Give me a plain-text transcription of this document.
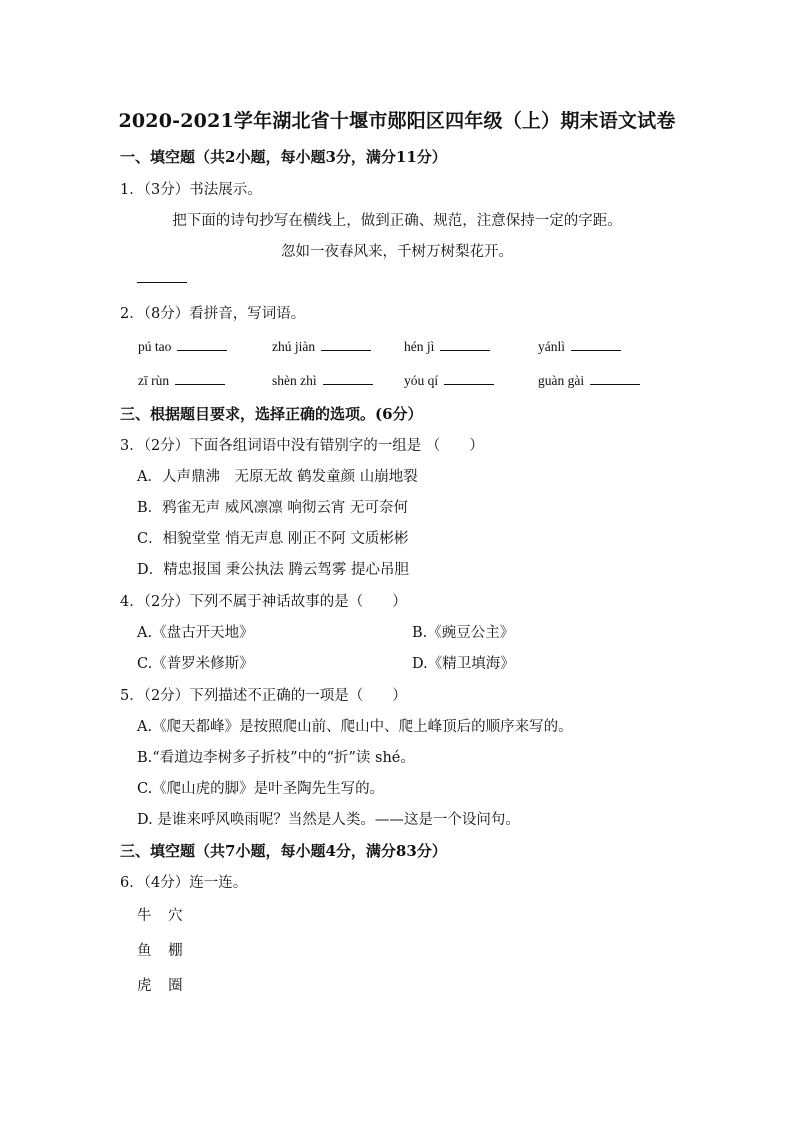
2020-2021学年湖北省十堰市郧阳区四年级（上）期末语文试卷
一、填空题（共2小题，每小题3分，满分11分）
1．（3分）书法展示。
把下面的诗句抄写在横线上，做到正确、规范，注意保持一定的字距。
忽如一夜春风来，千树万树梨花开。
2．（8分）看拼音，写词语。
pú tao	zhú jiàn	hén jì	yánlì
zī rùn	shèn zhì	yóu qí	guàn gài
三、根据题目要求，选择正确的选项。(6分）
3．（2分）下面各组词语中没有错别字的一组是 （　　）
A．人声鼎沸　无原无故 鹤发童颜 山崩地裂
B．鸦雀无声 威风凛凛 响彻云宵 无可奈何
C．相貌堂堂 悄无声息 刚正不阿 文质彬彬
D．精忠报国 秉公执法 腾云驾雾 提心吊胆
4．（2分）下列不属于神话故事的是（　　）
A.《盘古开天地》	B.《豌豆公主》
C.《普罗米修斯》	D.《精卫填海》
5．（2分）下列描述不正确的一项是（　　）
A.《爬天都峰》是按照爬山前、爬山中、爬上峰顶后的顺序来写的。
B.“看道边李树多子折枝”中的“折”读 shé。
C.《爬山虎的脚》是叶圣陶先生写的。
D. 是谁来呼风唤雨呢？当然是人类。——这是一个设问句。
三、填空题（共7小题，每小题4分，满分83分）
6．（4分）连一连。
牛 穴
鱼 棚
虎 圈
